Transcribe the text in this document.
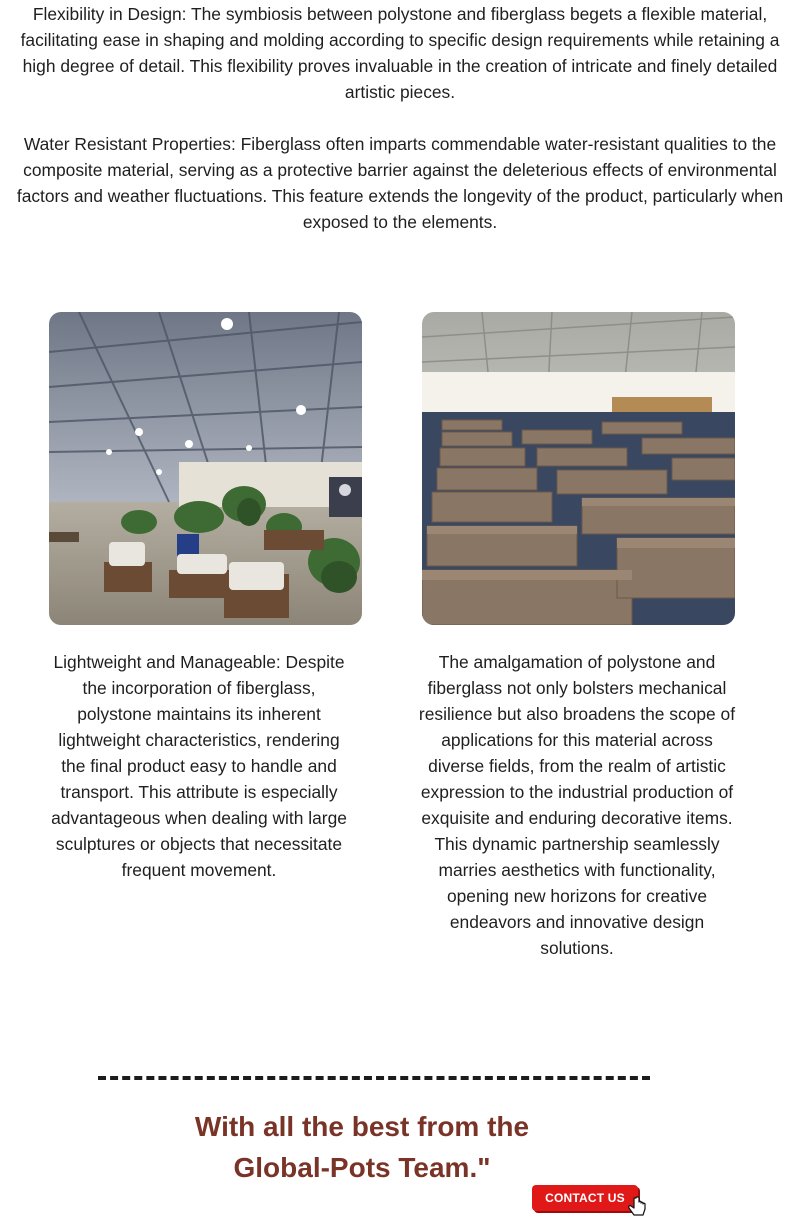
Flexibility in Design: The symbiosis between polystone and fiberglass begets a flexible material, facilitating ease in shaping and molding according to specific design requirements while retaining a high degree of detail. This flexibility proves invaluable in the creation of intricate and finely detailed artistic pieces.

Water Resistant Properties: Fiberglass often imparts commendable water-resistant qualities to the composite material, serving as a protective barrier against the deleterious effects of environmental factors and weather fluctuations. This feature extends the longevity of the product, particularly when exposed to the elements.

Lightweight and Manageable: Despite the incorporation of fiberglass, polystone maintains its inherent lightweight characteristics, rendering the final product easy to handle and transport. This attribute is especially advantageous when dealing with large sculptures or objects that necessitate frequent movement.

The amalgamation of polystone and fiberglass not only bolsters mechanical resilience but also broadens the scope of applications for this material across diverse fields, from the realm of artistic expression to the industrial production of exquisite and enduring decorative items. This dynamic partnership seamlessly marries aesthetics with functionality, opening new horizons for creative endeavors and innovative design solutions.

With all the best from the
Global-Pots Team."
CONTACT US
